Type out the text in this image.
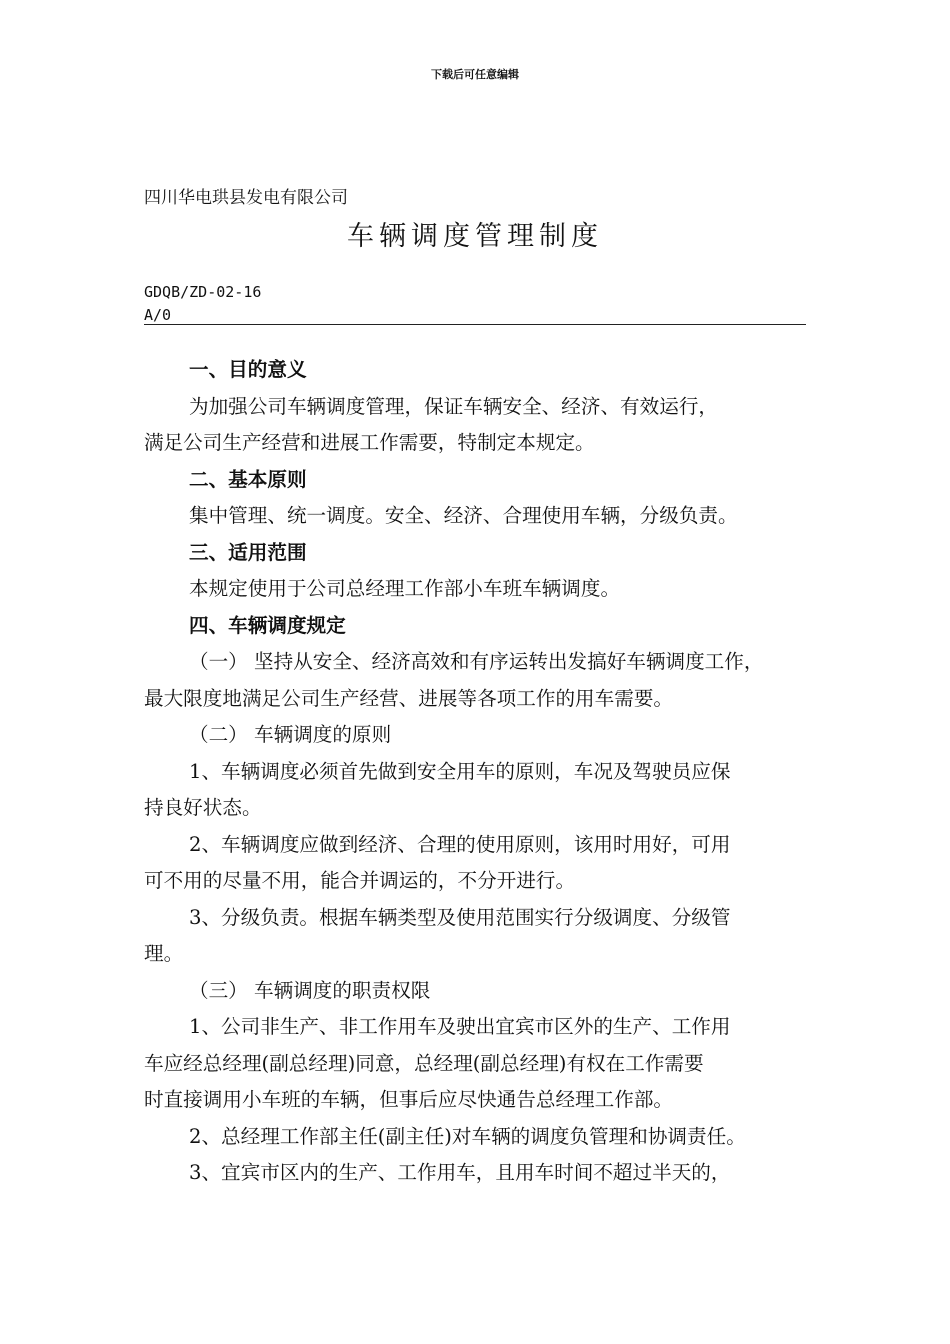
下载后可任意编辑
四川华电珙县发电有限公司
车辆调度管理制度
GDQB/ZD-02-16
A/0
一、目的意义
为加强公司车辆调度管理，保证车辆安全、经济、有效运行，
满足公司生产经营和进展工作需要，特制定本规定。
二、基本原则
集中管理、统一调度。安全、经济、合理使用车辆，分级负责。
三、适用范围
本规定使用于公司总经理工作部小车班车辆调度。
四、车辆调度规定
（一） 坚持从安全、经济高效和有序运转出发搞好车辆调度工作，
最大限度地满足公司生产经营、进展等各项工作的用车需要。
（二） 车辆调度的原则
1、车辆调度必须首先做到安全用车的原则，车况及驾驶员应保
持良好状态。
2、车辆调度应做到经济、合理的使用原则，该用时用好，可用
可不用的尽量不用，能合并调运的，不分开进行。
3、分级负责。根据车辆类型及使用范围实行分级调度、分级管
理。
（三） 车辆调度的职责权限
1、公司非生产、非工作用车及驶出宜宾市区外的生产、工作用
车应经总经理(副总经理)同意，总经理(副总经理)有权在工作需要
时直接调用小车班的车辆，但事后应尽快通告总经理工作部。
2、总经理工作部主任(副主任)对车辆的调度负管理和协调责任。
3、宜宾市区内的生产、工作用车，且用车时间不超过半天的，
